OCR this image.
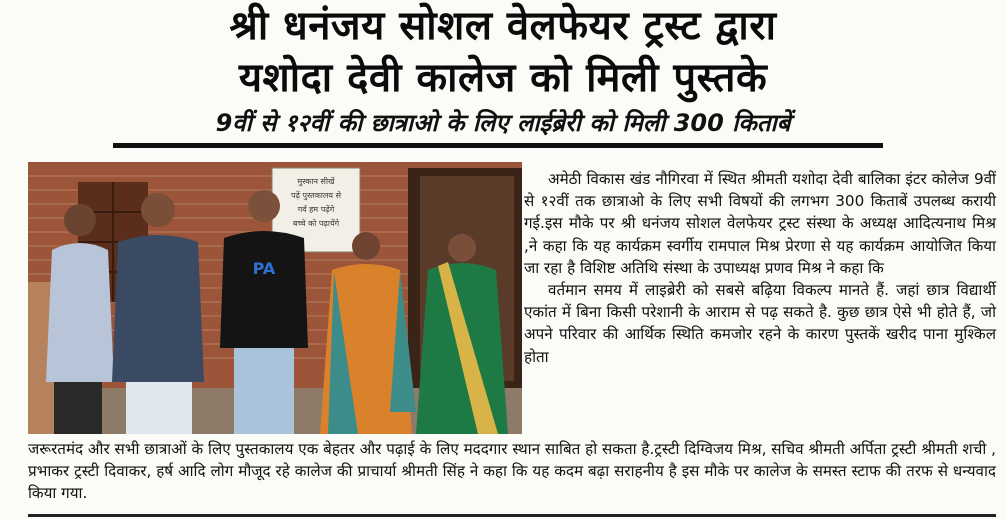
श्री धनंजय सोशल वेलफेयर ट्रस्ट द्वारा
यशोदा देवी कालेज को मिली पुस्तके
9वीं से १२वीं की छात्राओ के लिए लाईब्रेरी को मिली 300 किताबें
मुस्कान सीखें
पढ़ें पुस्तकालय से
गर्व हम पढ़ेंगे
बच्चे को पढ़ायेंगे
PA

अमेठी विकास खंड नौगिरवा में स्थित श्रीमती यशोदा देवी बालिका इंटर कोलेज 9वीं से १२वीं तक छात्राओ के लिए सभी विषयों की लगभग 300 किताबें उपलब्ध करायी गई.इस मौके पर श्री धनंजय सोशल वेलफेयर ट्रस्ट संस्था के अध्यक्ष आदित्यनाथ मिश्र ,ने कहा कि यह कार्यक्रम स्वर्गीय रामपाल मिश्र प्रेरणा से यह कार्यक्रम आयोजित किया जा रहा है विशिष्ट अतिथि संस्था के उपाध्यक्ष प्रणव मिश्र ने कहा कि

वर्तमान समय में लाइब्रेरी को सबसे बढ़िया विकल्प मानते हैं. जहां छात्र विद्यार्थी एकांत में बिना किसी परेशानी के आराम से पढ़ सकते है. कुछ छात्र ऐसे भी होते हैं, जो अपने परिवार की आर्थिक स्थिति कमजोर रहने के कारण पुस्तकें खरीद पाना मुश्किल होता

जरूरतमंद और सभी छात्राओं के लिए पुस्तकालय एक बेहतर और पढ़ाई के लिए मददगार स्थान साबित हो सकता है.ट्रस्टी दिग्विजय मिश्र, सचिव श्रीमती अर्पिता ट्रस्टी श्रीमती शची , प्रभाकर ट्रस्टी दिवाकर, हर्ष आदि लोग मौजूद रहे कालेज की प्राचार्या श्रीमती सिंह ने कहा कि यह कदम बढ़ा सराहनीय है इस मौके पर कालेज के समस्त स्टाफ की तरफ से धन्यवाद किया गया.
